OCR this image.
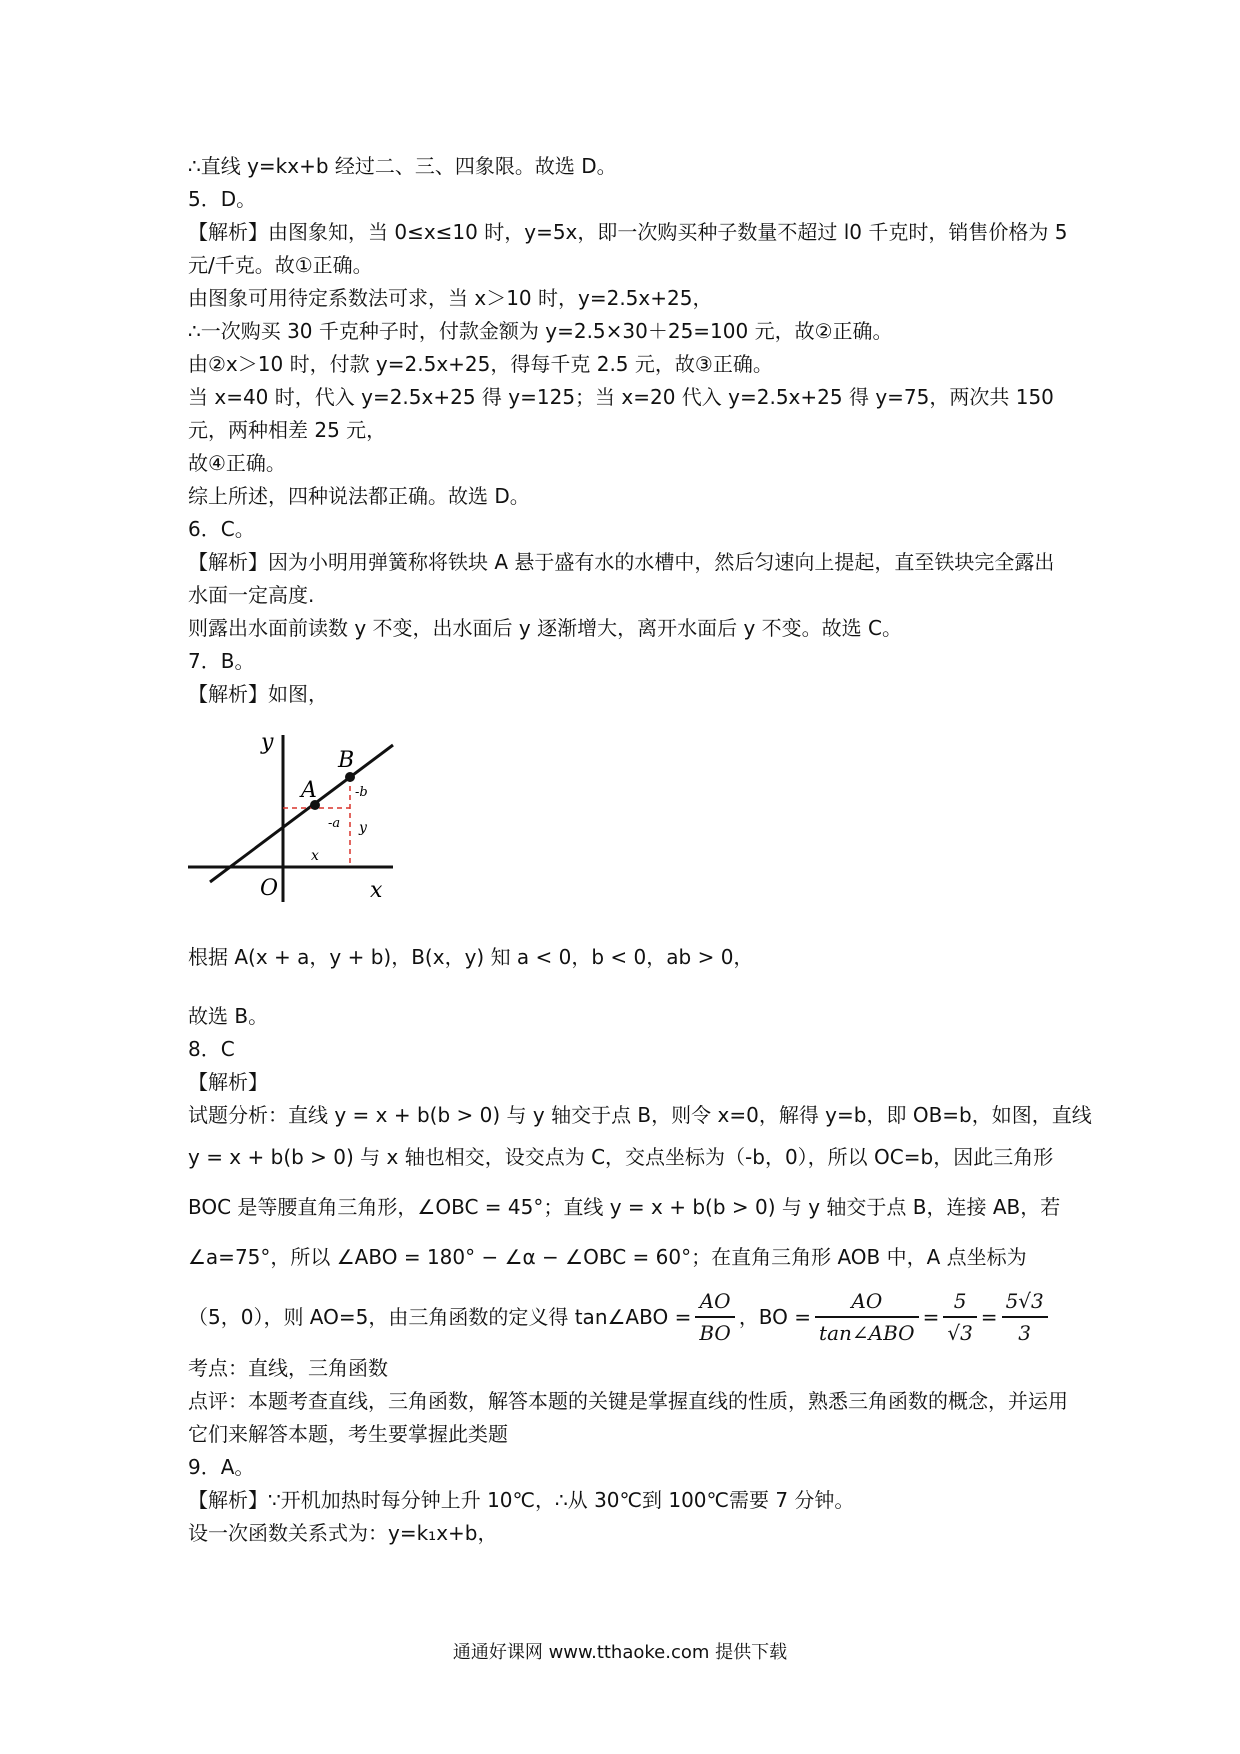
∴直线 y=kx+b 经过二、三、四象限。故选 D。
5．D。
【解析】由图象知，当 0≤x≤10 时，y=5x，即一次购买种子数量不超过 l0 千克时，销售价格为 5 元/千克。故①正确。
由图象可用待定系数法可求，当 x＞10 时，y=2.5x+25，
∴一次购买 30 千克种子时，付款金额为 y=2.5×30＋25=100 元，故②正确。
由②x＞10 时，付款 y=2.5x+25，得每千克 2.5 元，故③正确。
当 x=40 时，代入 y=2.5x+25 得 y=125；当 x=20 代入 y=2.5x+25 得 y=75，两次共 150 元，两种相差 25 元，
故④正确。
综上所述，四种说法都正确。故选 D。
6．C。
【解析】因为小明用弹簧称将铁块 A 悬于盛有水的水槽中，然后匀速向上提起，直至铁块完全露出水面一定高度.
则露出水面前读数 y 不变，出水面后 y 逐渐增大，离开水面后 y 不变。故选 C。
7．B。
【解析】如图，
y
x
O
A
B
-b
-a y
x
根据 A(x + a，y + b)，B(x，y) 知 a < 0，b < 0，ab > 0，
故选 B。
8．C
【解析】
试题分析：直线 y = x + b(b > 0) 与 y 轴交于点 B，则令 x=0，解得 y=b，即 OB=b，如图，直线
y = x + b(b > 0) 与 x 轴也相交，设交点为 C，交点坐标为（-b，0），所以 OC=b，因此三角形
BOC 是等腰直角三角形，∠OBC = 45°；直线 y = x + b(b > 0) 与 y 轴交于点 B，连接 AB，若
∠a=75°，所以 ∠ABO = 180° − ∠α − ∠OBC = 60°；在直角三角形 AOB 中，A 点坐标为
（5，0），则 AO=5，由三角函数的定义得 tan∠ABO = $\frac{AO}{BO}$ ，BO = $\frac{AO}{\text{tan∠ABO}} = \frac{5}{√3} = \frac{5√3}{3}$
考点：直线，三角函数
点评：本题考查直线，三角函数，解答本题的关键是掌握直线的性质，熟悉三角函数的概念，并运用它们来解答本题，考生要掌握此类题
9．A。
【解析】∵开机加热时每分钟上升 10℃，∴从 30℃到 100℃需要 7 分钟。
设一次函数关系式为：y=k₁x+b，
通通好课网 www.tthaoke.com 提供下载
